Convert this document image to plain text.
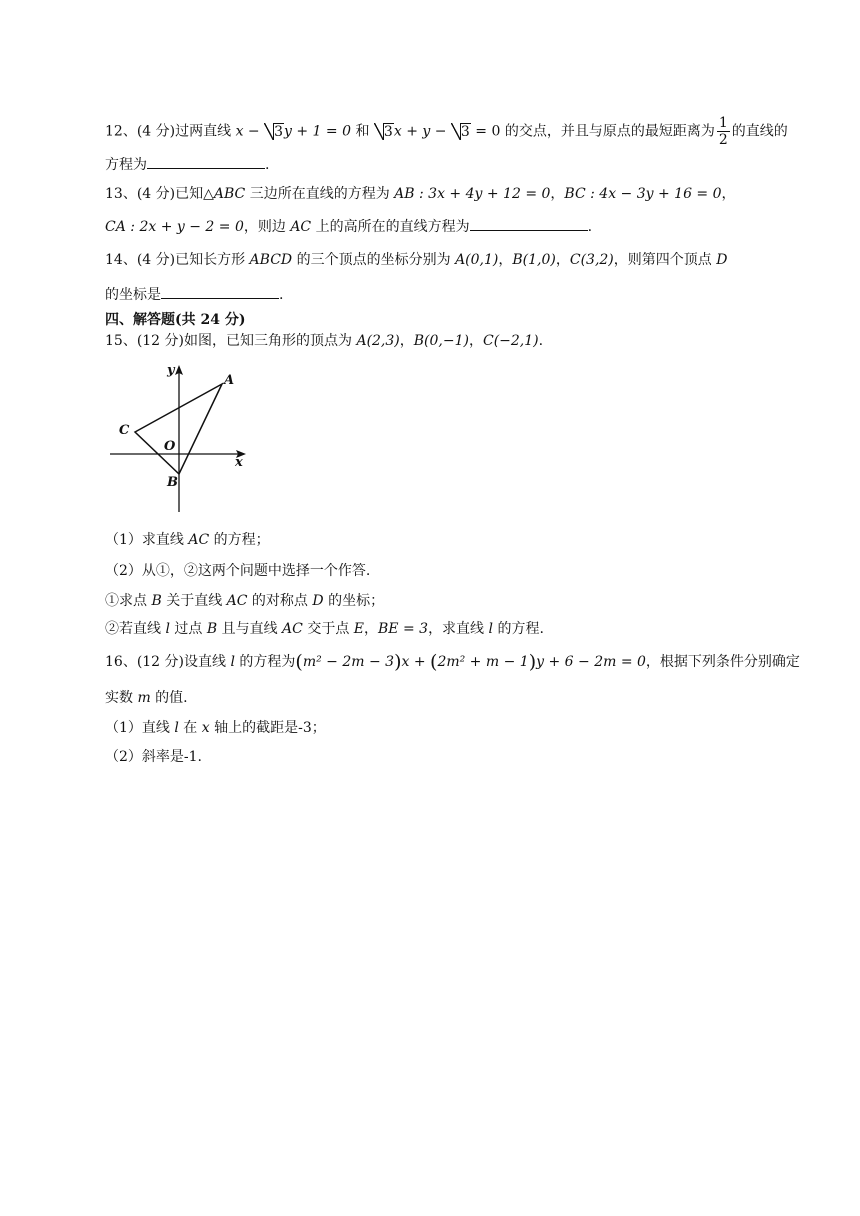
12、(4 分)过两直线 x − 3y + 1 = 0 和 3x + y − 3 = 0 的交点，并且与原点的最短距离为 $\frac{1}{2}$ 的直线的
方程为	.
13、(4 分)已知△ABC 三边所在直线的方程为 AB : 3x + 4y + 12 = 0，BC : 4x − 3y + 16 = 0，
CA : 2x + y − 2 = 0，则边 AC 上的高所在的直线方程为	.
14、(4 分)已知长方形 ABCD 的三个顶点的坐标分别为 A(0,1)，B(1,0)，C(3,2)，则第四个顶点 D
的坐标是	.
四、解答题(共 24 分)
15、(12 分)如图，已知三角形的顶点为 A(2,3)，B(0,−1)，C(−2,1).
y
x
A
B
C
O
（1）求直线 AC 的方程；
（2）从①，②这两个问题中选择一个作答.
①求点 B 关于直线 AC 的对称点 D 的坐标；
②若直线 l 过点 B 且与直线 AC 交于点 E，BE = 3，求直线 l 的方程.
16、(12 分)设直线 l 的方程为(m² − 2m − 3)x + (2m² + m − 1)y + 6 − 2m = 0，根据下列条件分别确定
实数 m 的值.
（1）直线 l 在 x 轴上的截距是-3；
（2）斜率是-1.
